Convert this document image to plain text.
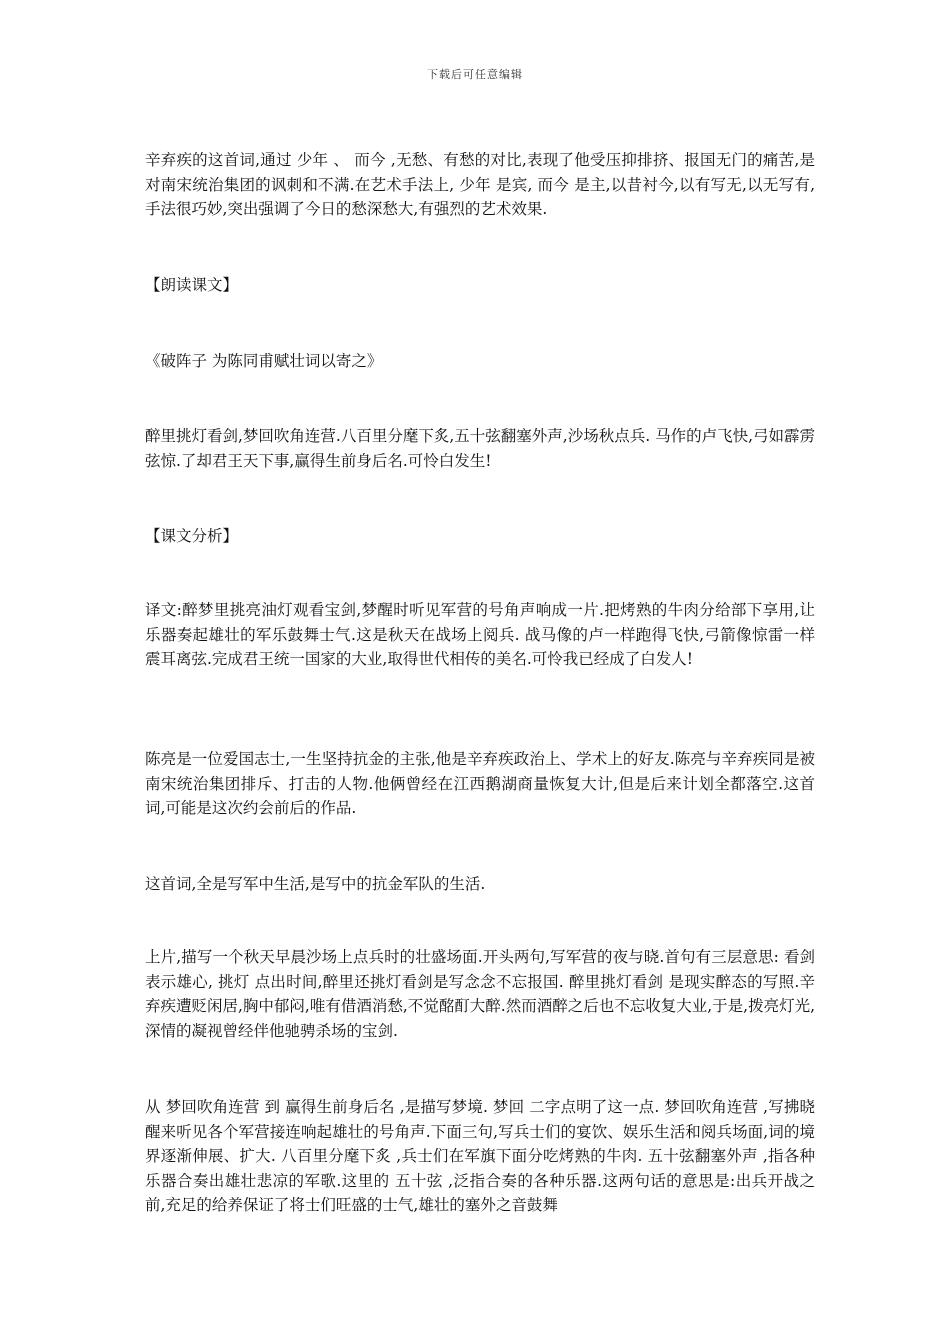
下载后可任意编辑

辛弃疾的这首词,通过 少年 、 而今 ,无愁、有愁的对比,表现了他受压抑排挤、报国无门的痛苦,是对南宋统治集团的讽刺和不满.在艺术手法上, 少年 是宾, 而今 是主,以昔衬今,以有写无,以无写有,手法很巧妙,突出强调了今日的愁深愁大,有强烈的艺术效果.

【朗读课文】

《破阵子 为陈同甫赋壮词以寄之》

醉里挑灯看剑,梦回吹角连营.八百里分麾下炙,五十弦翻塞外声,沙场秋点兵. 马作的卢飞快,弓如霹雳弦惊.了却君王天下事,赢得生前身后名.可怜白发生!

【课文分析】

译文:醉梦里挑亮油灯观看宝剑,梦醒时听见军营的号角声响成一片.把烤熟的牛肉分给部下享用,让乐器奏起雄壮的军乐鼓舞士气.这是秋天在战场上阅兵. 战马像的卢一样跑得飞快,弓箭像惊雷一样震耳离弦.完成君王统一国家的大业,取得世代相传的美名.可怜我已经成了白发人!

陈亮是一位爱国志士,一生坚持抗金的主张,他是辛弃疾政治上、学术上的好友.陈亮与辛弃疾同是被南宋统治集团排斥、打击的人物.他俩曾经在江西鹅湖商量恢复大计,但是后来计划全都落空.这首词,可能是这次约会前后的作品.

这首词,全是写军中生活,是写中的抗金军队的生活.

上片,描写一个秋天早晨沙场上点兵时的壮盛场面.开头两句,写军营的夜与晓.首句有三层意思: 看剑 表示雄心, 挑灯 点出时间,醉里还挑灯看剑是写念念不忘报国. 醉里挑灯看剑 是现实醉态的写照.辛弃疾遭贬闲居,胸中郁闷,唯有借酒消愁,不觉酩酊大醉.然而酒醉之后也不忘收复大业,于是,拨亮灯光,深情的凝视曾经伴他驰骋杀场的宝剑.

从 梦回吹角连营 到 赢得生前身后名 ,是描写梦境. 梦回 二字点明了这一点. 梦回吹角连营 ,写拂晓醒来听见各个军营接连响起雄壮的号角声.下面三句,写兵士们的宴饮、娱乐生活和阅兵场面,词的境界逐渐伸展、扩大. 八百里分麾下炙 ,兵士们在军旗下面分吃烤熟的牛肉. 五十弦翻塞外声 ,指各种乐器合奏出雄壮悲凉的军歌.这里的 五十弦 ,泛指合奏的各种乐器.这两句话的意思是:出兵开战之前,充足的给养保证了将士们旺盛的士气,雄壮的塞外之音鼓舞
